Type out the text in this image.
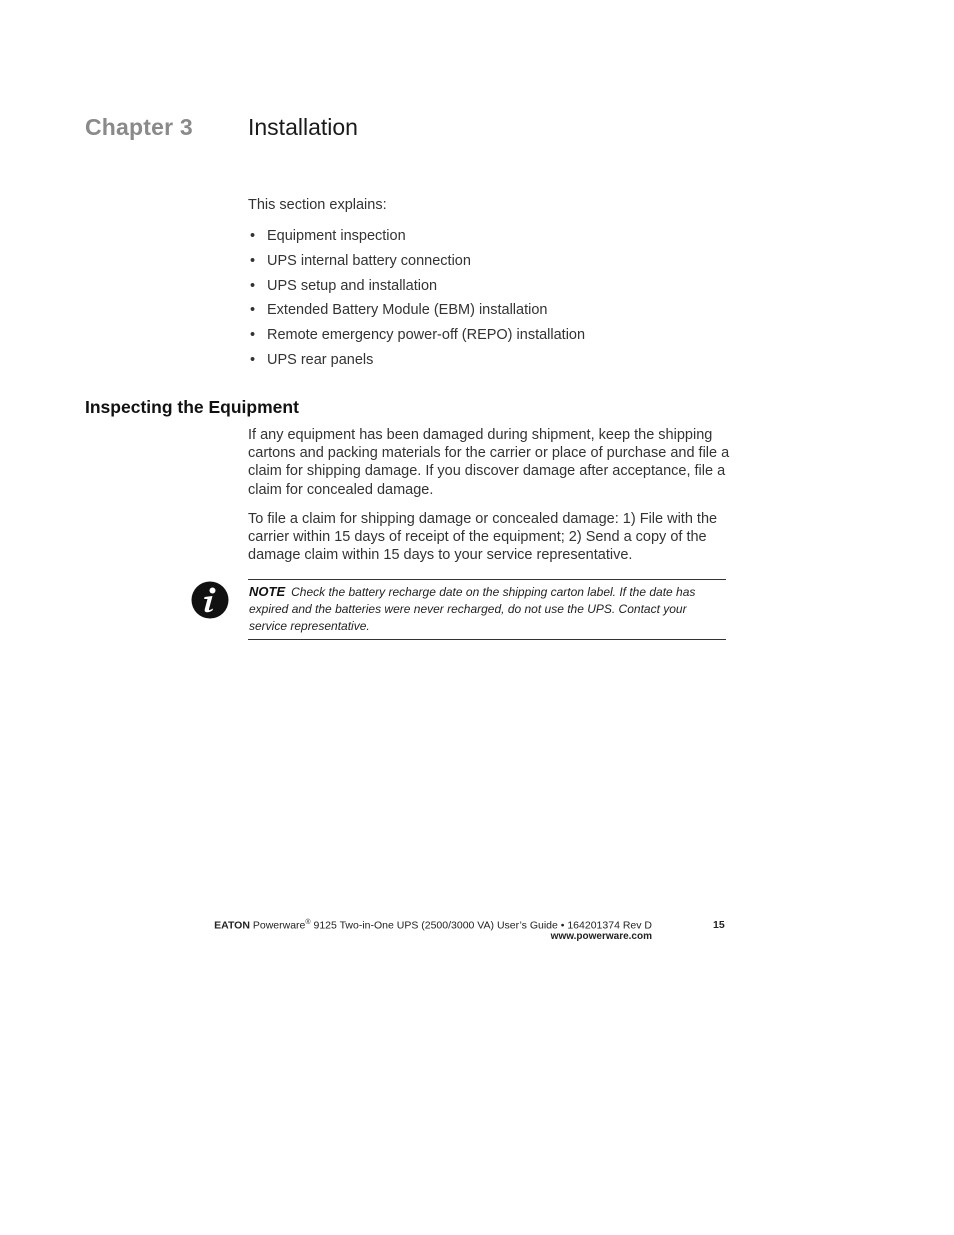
Chapter 3 Installation
This section explains:
• Equipment inspection
• UPS internal battery connection
• UPS setup and installation
• Extended Battery Module (EBM) installation
• Remote emergency power-off (REPO) installation
• UPS rear panels
Inspecting the Equipment

If any equipment has been damaged during shipment, keep the shipping cartons and packing materials for the carrier or place of purchase and file a claim for shipping damage. If you discover damage after acceptance, file a claim for concealed damage.

To file a claim for shipping damage or concealed damage: 1) File with the carrier within 15 days of receipt of the equipment; 2) Send a copy of the damage claim within 15 days to your service representative.

NOTE Check the battery recharge date on the shipping carton label. If the date has expired and the batteries were never recharged, do not use the UPS. Contact your service representative.
EATON Powerware® 9125 Two-in-One UPS (2500/3000 VA) User’s Guide • 164201374 Rev D
www.powerware.com
15
